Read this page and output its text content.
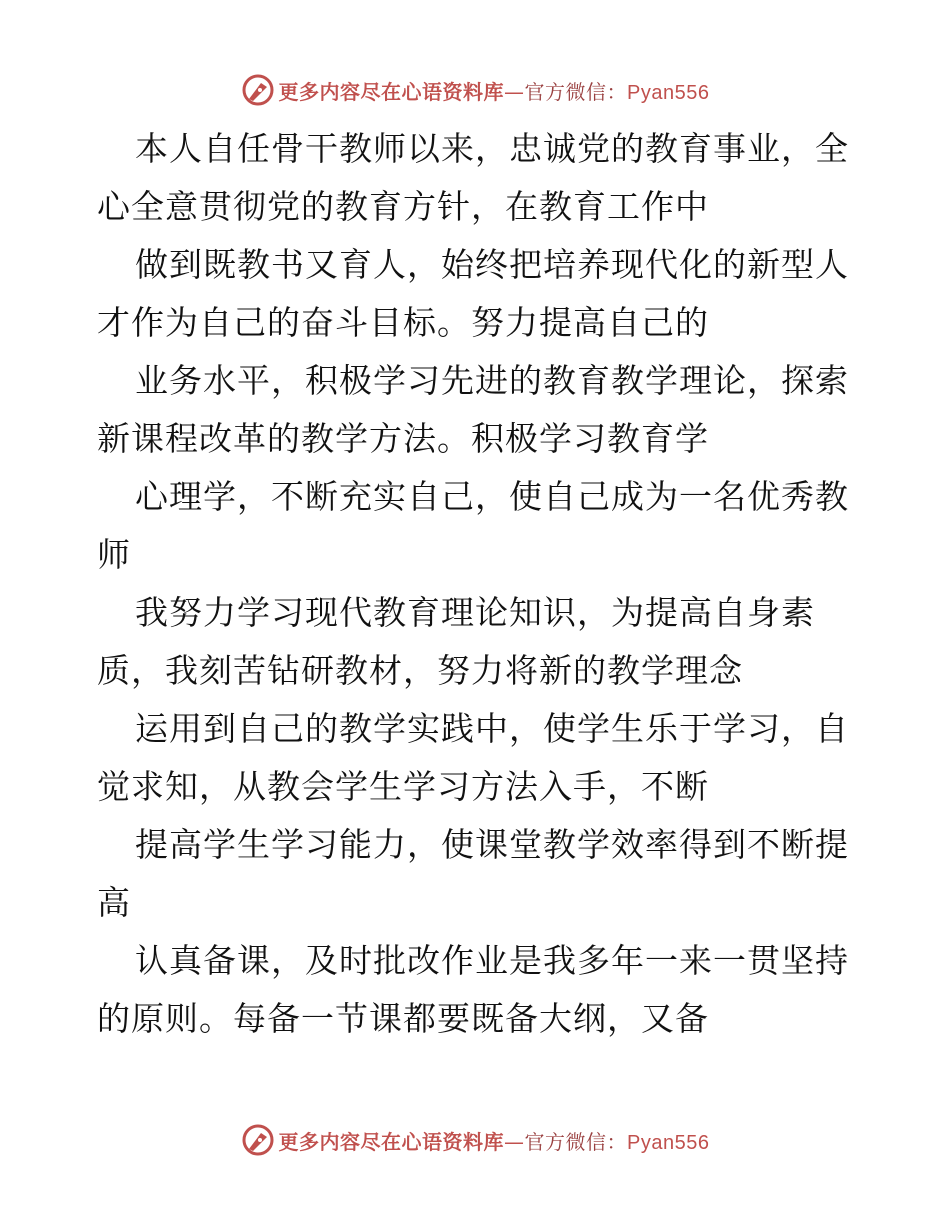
更多内容尽在心语资料库—官方微信：Pyan556

本人自任骨干教师以来，忠诚党的教育事业，全
心全意贯彻党的教育方针，在教育工作中

做到既教书又育人，始终把培养现代化的新型人
才作为自己的奋斗目标。努力提高自己的

业务水平，积极学习先进的教育教学理论，探索
新课程改革的教学方法。积极学习教育学

心理学，不断充实自己，使自己成为一名优秀教
师

我努力学习现代教育理论知识，为提高自身素
质，我刻苦钻研教材，努力将新的教学理念

运用到自己的教学实践中，使学生乐于学习，自
觉求知，从教会学生学习方法入手，不断

提高学生学习能力，使课堂教学效率得到不断提
高

认真备课，及时批改作业是我多年一来一贯坚持
的原则。每备一节课都要既备大纲，又备

更多内容尽在心语资料库—官方微信：Pyan556
